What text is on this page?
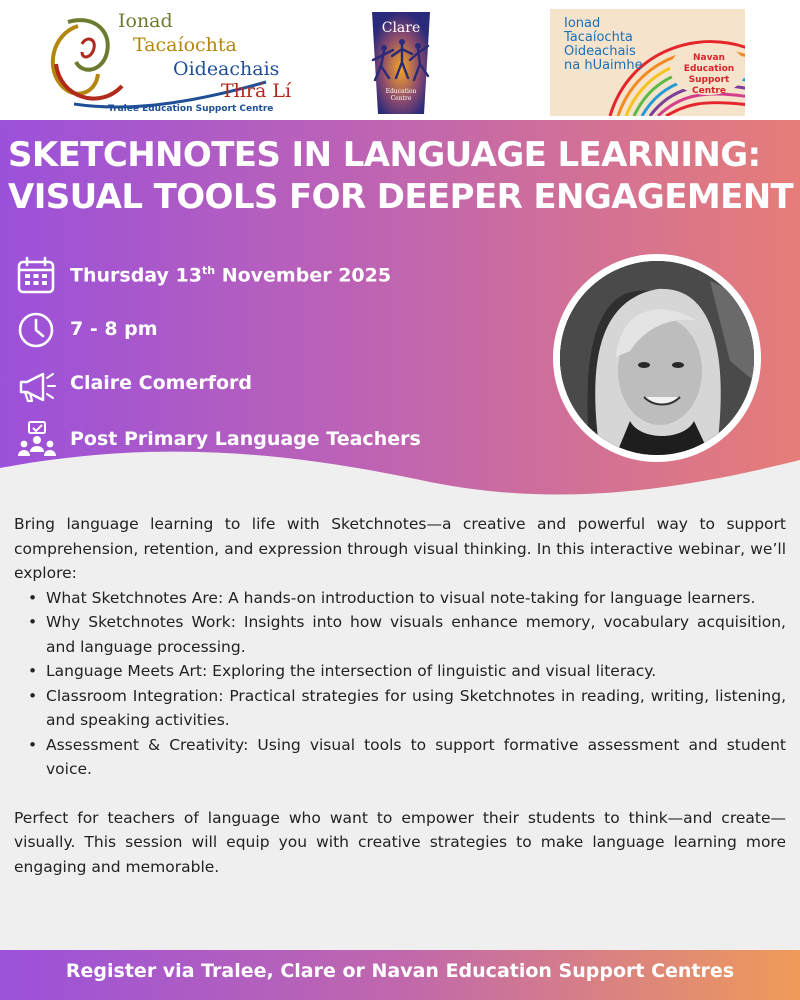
Ionad
Tacaíochta
Oideachais
Thrá Lí
Tralee Education Support Centre
Clare
Education
Centre
Ionad
Tacaíochta
Oideachais
na hUaimhe	Navan
Education
Support Centre
SKETCHNOTES IN LANGUAGE LEARNING:
VISUAL TOOLS FOR DEEPER ENGAGEMENT
Thursday 13th November 2025
7 - 8 pm
Claire Comerford
Post Primary Language Teachers

Bring language learning to life with Sketchnotes—a creative and powerful way to support comprehension, retention, and expression through visual thinking. In this interactive webinar, we’ll explore:

• What Sketchnotes Are: A hands-on introduction to visual note-taking for language learners.
• Why Sketchnotes Work: Insights into how visuals enhance memory, vocabulary acquisition, and language processing.
• Language Meets Art: Exploring the intersection of linguistic and visual literacy.
• Classroom Integration: Practical strategies for using Sketchnotes in reading, writing, listening, and speaking activities.
• Assessment & Creativity: Using visual tools to support formative assessment and student voice.

Perfect for teachers of language who want to empower their students to think—and create—visually. This session will equip you with creative strategies to make language learning more engaging and memorable.

Register via Tralee, Clare or Navan Education Support Centres
